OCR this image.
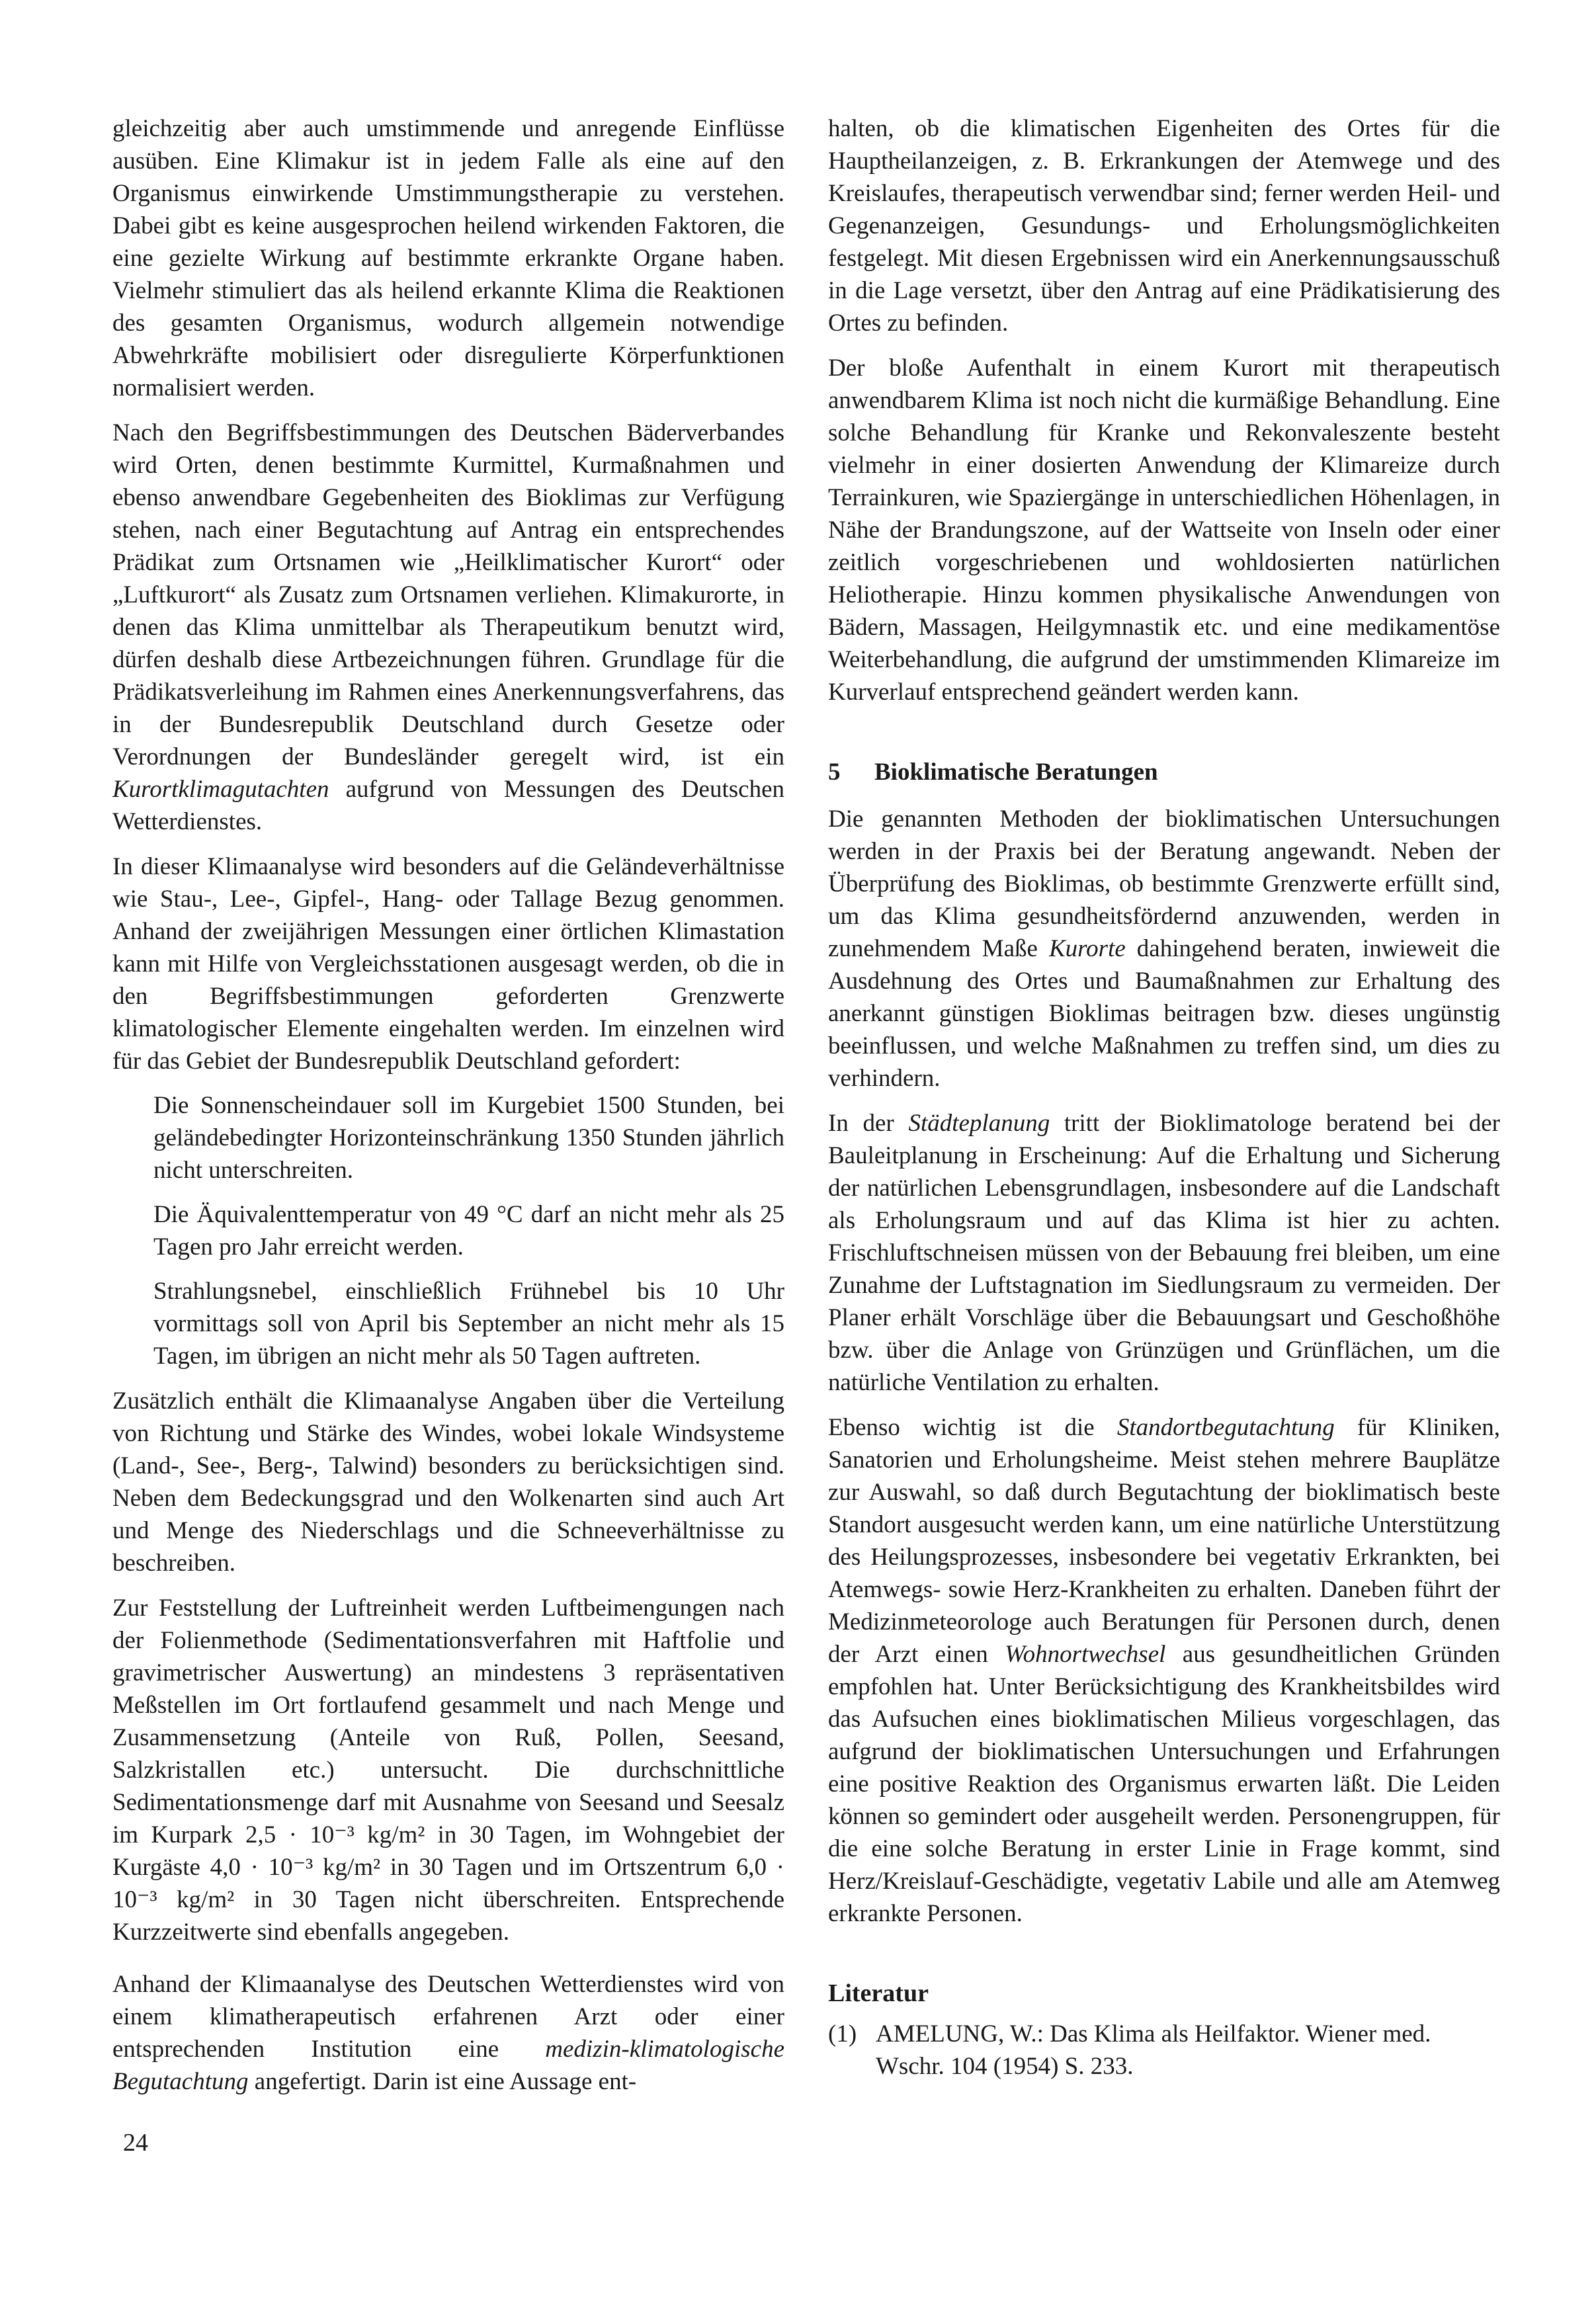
gleichzeitig aber auch umstimmende und anregende Einflüsse ausüben. Eine Klimakur ist in jedem Falle als eine auf den Organismus einwirkende Umstimmungstherapie zu verstehen. Dabei gibt es keine ausgesprochen heilend wirkenden Faktoren, die eine gezielte Wirkung auf bestimmte erkrankte Organe haben. Vielmehr stimuliert das als heilend erkannte Klima die Reaktionen des gesamten Organismus, wodurch allgemein notwendige Abwehrkräfte mobilisiert oder disregulierte Körperfunktionen normalisiert werden.

Nach den Begriffsbestimmungen des Deutschen Bäderverbandes wird Orten, denen bestimmte Kurmittel, Kurmaßnahmen und ebenso anwendbare Gegebenheiten des Bioklimas zur Verfügung stehen, nach einer Begutachtung auf Antrag ein entsprechendes Prädikat zum Ortsnamen wie „Heilklimatischer Kurort“ oder „Luftkurort“ als Zusatz zum Ortsnamen verliehen. Klimakurorte, in denen das Klima unmittelbar als Therapeutikum benutzt wird, dürfen deshalb diese Artbezeichnungen führen. Grundlage für die Prädikatsverleihung im Rahmen eines Anerkennungsverfahrens, das in der Bundesrepublik Deutschland durch Gesetze oder Verordnungen der Bundesländer geregelt wird, ist ein Kurortklimagutachten aufgrund von Messungen des Deutschen Wetterdienstes.

In dieser Klimaanalyse wird besonders auf die Geländeverhältnisse wie Stau-, Lee-, Gipfel-, Hang- oder Tallage Bezug genommen. Anhand der zweijährigen Messungen einer örtlichen Klimastation kann mit Hilfe von Vergleichsstationen ausgesagt werden, ob die in den Begriffsbestimmungen geforderten Grenzwerte klimatologischer Elemente eingehalten werden. Im einzelnen wird für das Gebiet der Bundesrepublik Deutschland gefordert:

Die Sonnenscheindauer soll im Kurgebiet 1500 Stunden, bei geländebedingter Horizonteinschränkung 1350 Stunden jährlich nicht unterschreiten.

Die Äquivalenttemperatur von 49 °C darf an nicht mehr als 25 Tagen pro Jahr erreicht werden.

Strahlungsnebel, einschließlich Frühnebel bis 10 Uhr vormittags soll von April bis September an nicht mehr als 15 Tagen, im übrigen an nicht mehr als 50 Tagen auftreten.

Zusätzlich enthält die Klimaanalyse Angaben über die Verteilung von Richtung und Stärke des Windes, wobei lokale Windsysteme (Land-, See-, Berg-, Talwind) besonders zu berücksichtigen sind. Neben dem Bedeckungsgrad und den Wolkenarten sind auch Art und Menge des Niederschlags und die Schneeverhältnisse zu beschreiben.

Zur Feststellung der Luftreinheit werden Luftbeimengungen nach der Folienmethode (Sedimentationsverfahren mit Haftfolie und gravimetrischer Auswertung) an mindestens 3 repräsentativen Meßstellen im Ort fortlaufend gesammelt und nach Menge und Zusammensetzung (Anteile von Ruß, Pollen, Seesand, Salzkristallen etc.) untersucht. Die durchschnittliche Sedimentationsmenge darf mit Ausnahme von Seesand und Seesalz im Kurpark 2,5 · 10⁻³ kg/m² in 30 Tagen, im Wohngebiet der Kurgäste 4,0 · 10⁻³ kg/m² in 30 Tagen und im Ortszentrum 6,0 · 10⁻³ kg/m² in 30 Tagen nicht überschreiten. Entsprechende Kurzzeitwerte sind ebenfalls angegeben.

Anhand der Klimaanalyse des Deutschen Wetterdienstes wird von einem klimatherapeutisch erfahrenen Arzt oder einer entsprechenden Institution eine medizin-klimatologische Begutachtung angefertigt. Darin ist eine Aussage ent-

halten, ob die klimatischen Eigenheiten des Ortes für die Hauptheilanzeigen, z. B. Erkrankungen der Atemwege und des Kreislaufes, therapeutisch verwendbar sind; ferner werden Heil- und Gegenanzeigen, Gesundungs- und Erholungsmöglichkeiten festgelegt. Mit diesen Ergebnissen wird ein Anerkennungsausschuß in die Lage versetzt, über den Antrag auf eine Prädikatisierung des Ortes zu befinden.

Der bloße Aufenthalt in einem Kurort mit therapeutisch anwendbarem Klima ist noch nicht die kurmäßige Behandlung. Eine solche Behandlung für Kranke und Rekonvaleszente besteht vielmehr in einer dosierten Anwendung der Klimareize durch Terrainkuren, wie Spaziergänge in unterschiedlichen Höhenlagen, in Nähe der Brandungszone, auf der Wattseite von Inseln oder einer zeitlich vorgeschriebenen und wohldosierten natürlichen Heliotherapie. Hinzu kommen physikalische Anwendungen von Bädern, Massagen, Heilgymnastik etc. und eine medikamentöse Weiterbehandlung, die aufgrund der umstimmenden Klimareize im Kurverlauf entsprechend geändert werden kann.

5 Bioklimatische Beratungen

Die genannten Methoden der bioklimatischen Untersuchungen werden in der Praxis bei der Beratung angewandt. Neben der Überprüfung des Bioklimas, ob bestimmte Grenzwerte erfüllt sind, um das Klima gesundheitsfördernd anzuwenden, werden in zunehmendem Maße Kurorte dahingehend beraten, inwieweit die Ausdehnung des Ortes und Baumaßnahmen zur Erhaltung des anerkannt günstigen Bioklimas beitragen bzw. dieses ungünstig beeinflussen, und welche Maßnahmen zu treffen sind, um dies zu verhindern.

In der Städteplanung tritt der Bioklimatologe beratend bei der Bauleitplanung in Erscheinung: Auf die Erhaltung und Sicherung der natürlichen Lebensgrundlagen, insbesondere auf die Landschaft als Erholungsraum und auf das Klima ist hier zu achten. Frischluftschneisen müssen von der Bebauung frei bleiben, um eine Zunahme der Luftstagnation im Siedlungsraum zu vermeiden. Der Planer erhält Vorschläge über die Bebauungsart und Geschoßhöhe bzw. über die Anlage von Grünzügen und Grünflächen, um die natürliche Ventilation zu erhalten.

Ebenso wichtig ist die Standortbegutachtung für Kliniken, Sanatorien und Erholungsheime. Meist stehen mehrere Bauplätze zur Auswahl, so daß durch Begutachtung der bioklimatisch beste Standort ausgesucht werden kann, um eine natürliche Unterstützung des Heilungsprozesses, insbesondere bei vegetativ Erkrankten, bei Atemwegs- sowie Herz-Krankheiten zu erhalten. Daneben führt der Medizinmeteorologe auch Beratungen für Personen durch, denen der Arzt einen Wohnortwechsel aus gesundheitlichen Gründen empfohlen hat. Unter Berücksichtigung des Krankheitsbildes wird das Aufsuchen eines bioklimatischen Milieus vorgeschlagen, das aufgrund der bioklimatischen Untersuchungen und Erfahrungen eine positive Reaktion des Organismus erwarten läßt. Die Leiden können so gemindert oder ausgeheilt werden. Personengruppen, für die eine solche Beratung in erster Linie in Frage kommt, sind Herz/Kreislauf-Geschädigte, vegetativ Labile und alle am Atemweg erkrankte Personen.

Literatur
(1) AMELUNG, W.: Das Klima als Heilfaktor. Wiener med.
Wschr. 104 (1954) S. 233.
24
